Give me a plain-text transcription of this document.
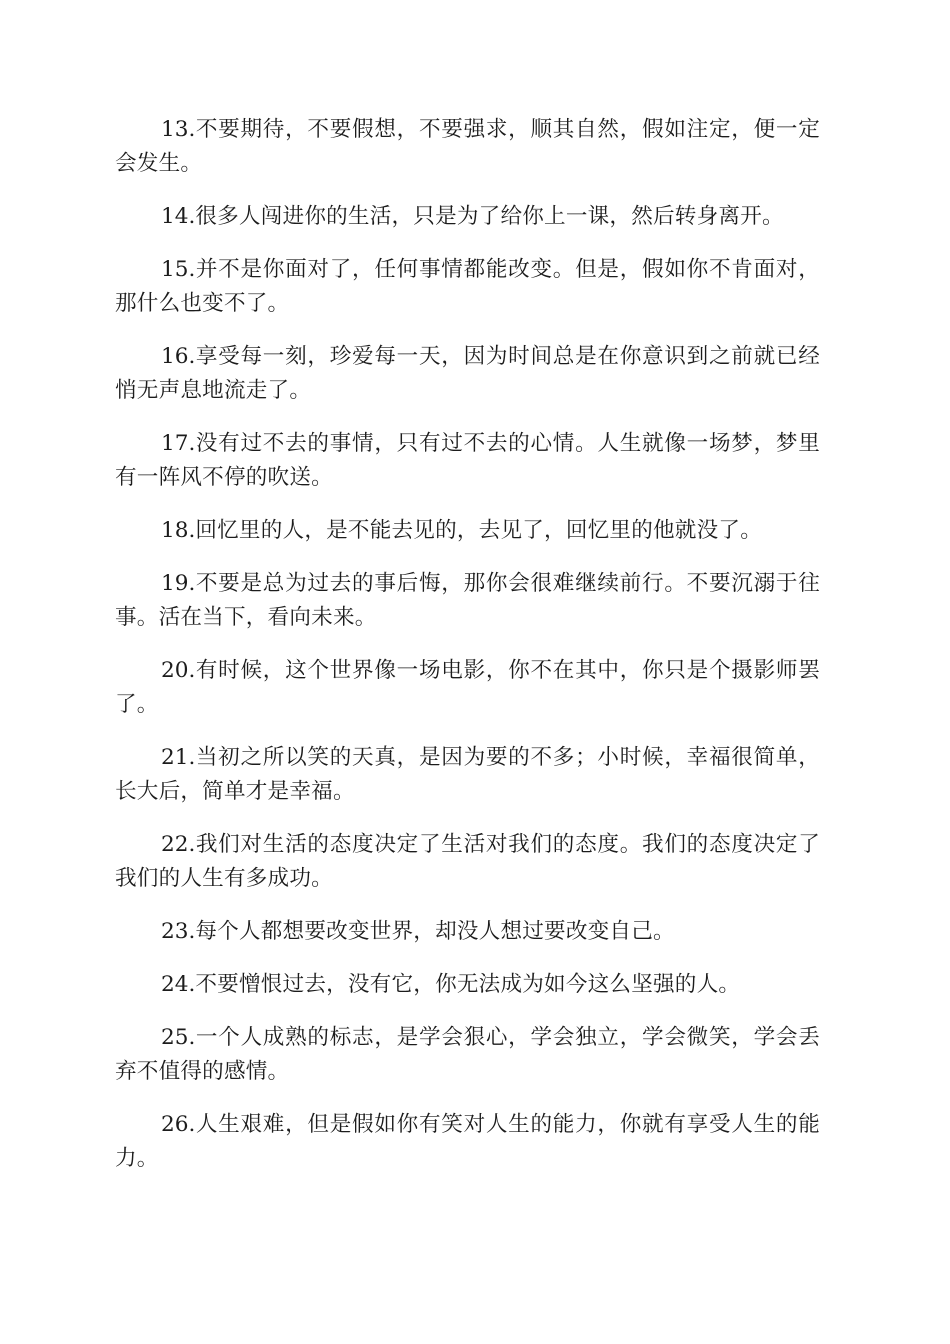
13.不要期待，不要假想，不要强求，顺其自然，假如注定，便一定会发生。

14.很多人闯进你的生活，只是为了给你上一课，然后转身离开。

15.并不是你面对了，任何事情都能改变。但是，假如你不肯面对，那什么也变不了。

16.享受每一刻，珍爱每一天，因为时间总是在你意识到之前就已经悄无声息地流走了。

17.没有过不去的事情，只有过不去的心情。人生就像一场梦，梦里有一阵风不停的吹送。

18.回忆里的人，是不能去见的，去见了，回忆里的他就没了。

19.不要是总为过去的事后悔，那你会很难继续前行。不要沉溺于往事。活在当下，看向未来。

20.有时候，这个世界像一场电影，你不在其中，你只是个摄影师罢了。

21.当初之所以笑的天真，是因为要的不多；小时候，幸福很简单，长大后，简单才是幸福。

22.我们对生活的态度决定了生活对我们的态度。我们的态度决定了我们的人生有多成功。

23.每个人都想要改变世界，却没人想过要改变自己。

24.不要憎恨过去，没有它，你无法成为如今这么坚强的人。

25.一个人成熟的标志，是学会狠心，学会独立，学会微笑，学会丢弃不值得的感情。

26.人生艰难，但是假如你有笑对人生的能力，你就有享受人生的能力。
